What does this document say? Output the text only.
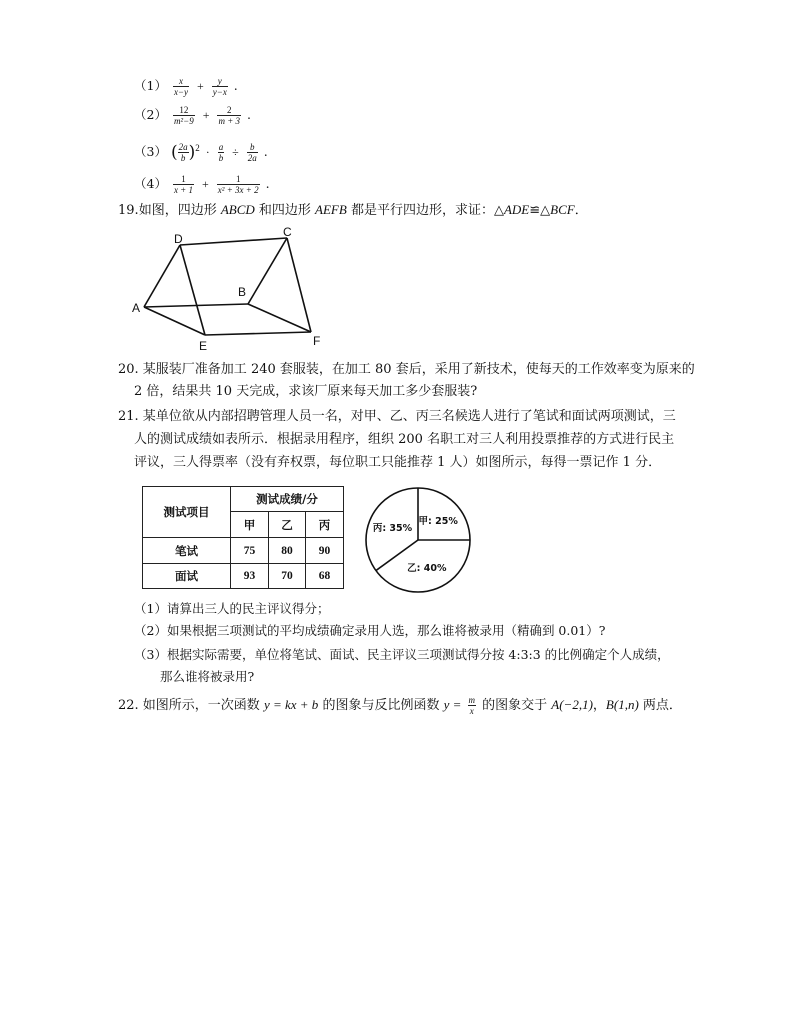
$(1) \frac{x}{x-y} + \frac{y}{y-x}$ .
$(2) \frac{12}{\text{m²−9}} + \frac{2}{m + 3}$ .
（3） ( $\frac{2a}{b} )^2 \cdot \frac{a}{b} \div \frac{b}{2a}$ .
$(4) \frac{1}{x + 1} + \frac{1}{\text{x² + 3x + 2}}$ .
19.如图，四边形 ABCD 和四边形 AEFB 都是平行四边形，求证：△ADE≌△BCF．
A
B
C
D
E	F
20. 某服装厂准备加工 240 套服装，在加工 80 套后，采用了新技术，使每天的工作效率变为原来的
2 倍，结果共 10 天完成，求该厂原来每天加工多少套服装?
21. 某单位欲从内部招聘管理人员一名，对甲、乙、丙三名候选人进行了笔试和面试两项测试，三
人的测试成绩如表所示．根据录用程序，组织 200 名职工对三人利用投票推荐的方式进行民主
评议，三人得票率（没有弃权票，每位职工只能推荐 1 人）如图所示，每得一票记作 1 分．
测试项目	测试成绩/分		
	甲	乙	丙
笔试	75	80	90
面试	93	70	68
甲: 25%
乙: 40%
丙: 35%
（1）请算出三人的民主评议得分；
（2）如果根据三项测试的平均成绩确定录用人选，那么谁将被录用（精确到 0.01）?
（3）根据实际需要，单位将笔试、面试、民主评议三项测试得分按 4:3:3 的比例确定个人成绩，
那么谁将被录用?
22. 如图所示，一次函数 y = kx + b 的图象与反比例函数 $y = \frac{m}{x}$ 的图象交于 A(−2,1)，B(1,n) 两点．
